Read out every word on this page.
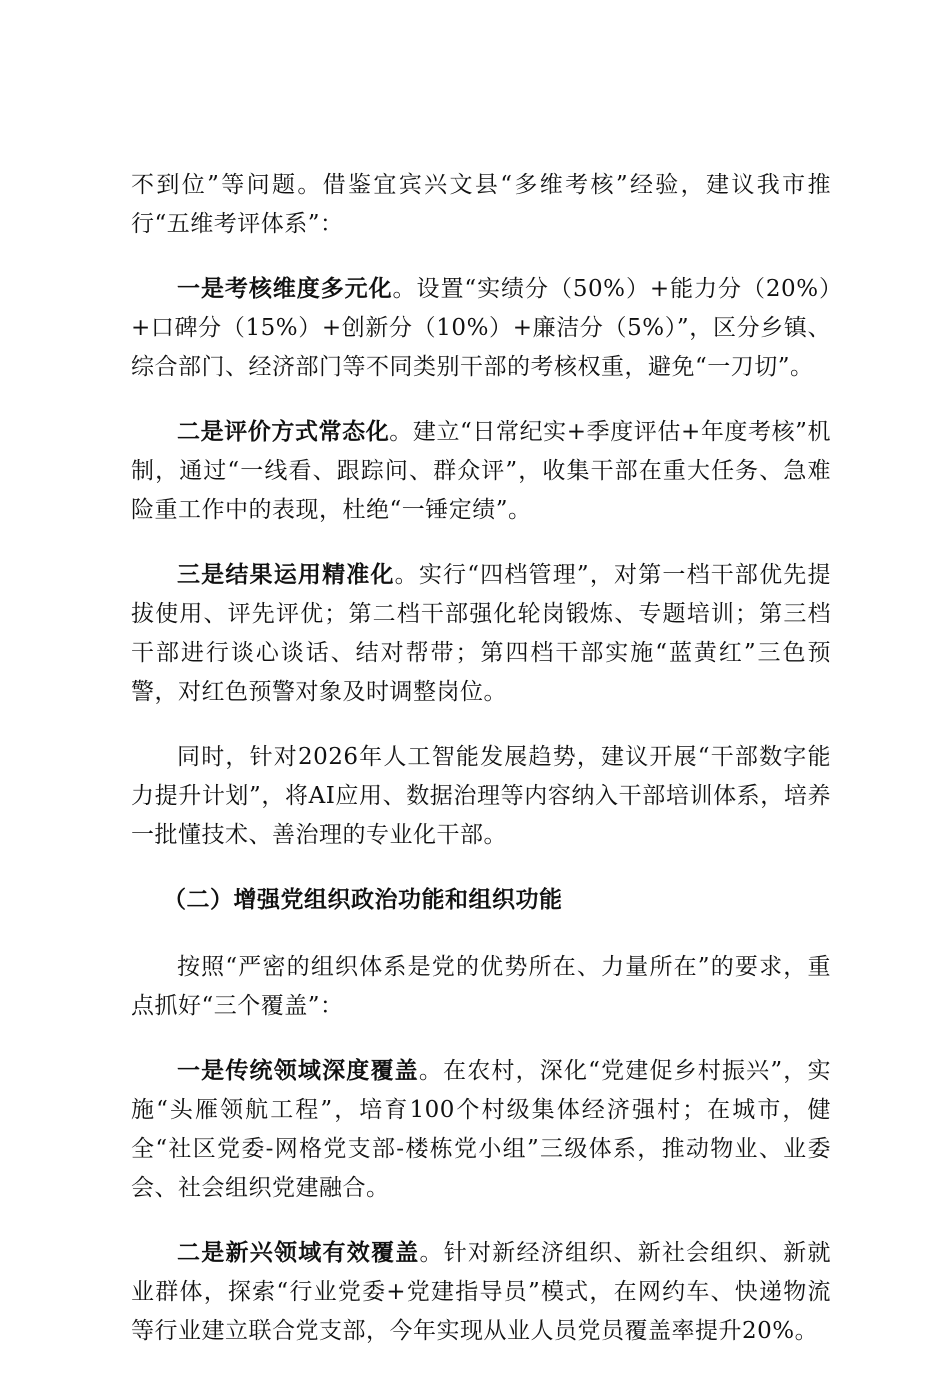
不到位”等问题。借鉴宜宾兴文县“多维考核”经验，建议我市推行“五维考评体系”：

一是考核维度多元化。设置“实绩分（50%）+能力分（20%）+口碑分（15%）+创新分（10%）+廉洁分（5%）”，区分乡镇、综合部门、经济部门等不同类别干部的考核权重，避免“一刀切”。

二是评价方式常态化。建立“日常纪实+季度评估+年度考核”机制，通过“一线看、跟踪问、群众评”，收集干部在重大任务、急难险重工作中的表现，杜绝“一锤定绩”。

三是结果运用精准化。实行“四档管理”，对第一档干部优先提拔使用、评先评优；第二档干部强化轮岗锻炼、专题培训；第三档干部进行谈心谈话、结对帮带；第四档干部实施“蓝黄红”三色预警，对红色预警对象及时调整岗位。

同时，针对2026年人工智能发展趋势，建议开展“干部数字能力提升计划”，将AI应用、数据治理等内容纳入干部培训体系，培养一批懂技术、善治理的专业化干部。

（二）增强党组织政治功能和组织功能

按照“严密的组织体系是党的优势所在、力量所在”的要求，重点抓好“三个覆盖”：

一是传统领域深度覆盖。在农村，深化“党建促乡村振兴”，实施“头雁领航工程”，培育100个村级集体经济强村；在城市，健全“社区党委-网格党支部-楼栋党小组”三级体系，推动物业、业委会、社会组织党建融合。

二是新兴领域有效覆盖。针对新经济组织、新社会组织、新就业群体，探索“行业党委+党建指导员”模式，在网约车、快递物流等行业建立联合党支部，今年实现从业人员党员覆盖率提升20%。
